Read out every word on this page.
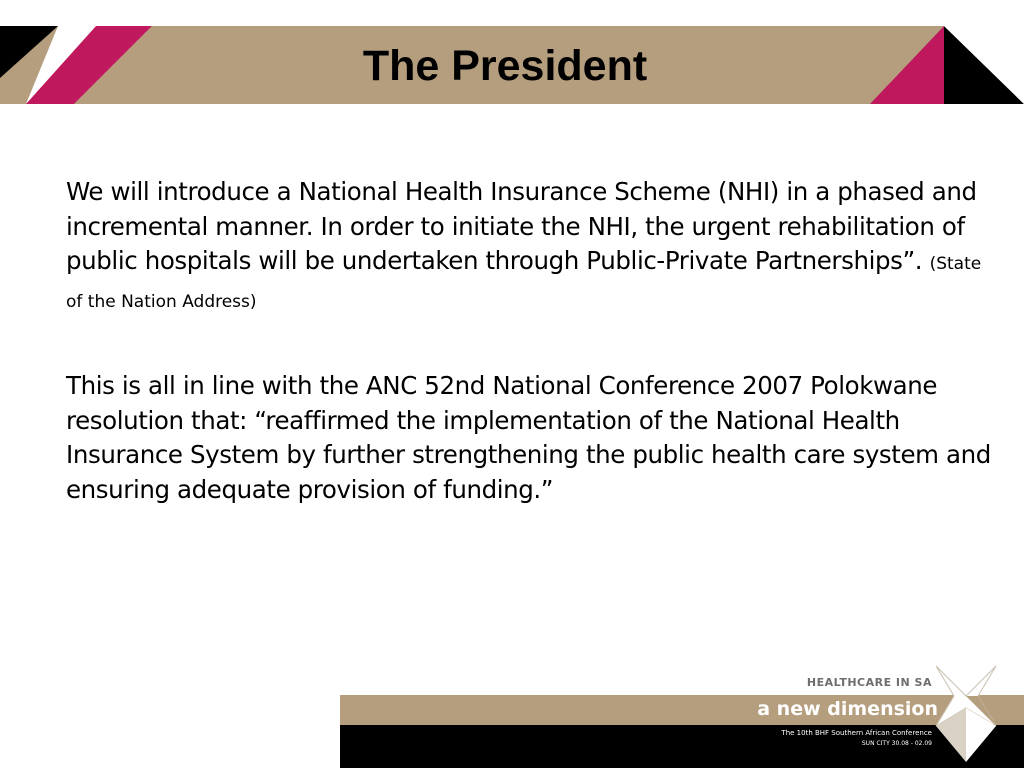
The President

We will introduce a National Health Insurance Scheme (NHI) in a phased and incremental manner. In order to initiate the NHI, the urgent rehabilitation of public hospitals will be undertaken through Public-Private Partnerships”. (State of the Nation Address)

This is all in line with the ANC 52nd National Conference 2007 Polokwane resolution that: “reaffirmed the implementation of the National Health Insurance System by further strengthening the public health care system and ensuring adequate provision of funding.”

HEALTHCARE IN SA
a new dimension
The 10th BHF Southern African Conference
SUN CITY 30.08 - 02.09
